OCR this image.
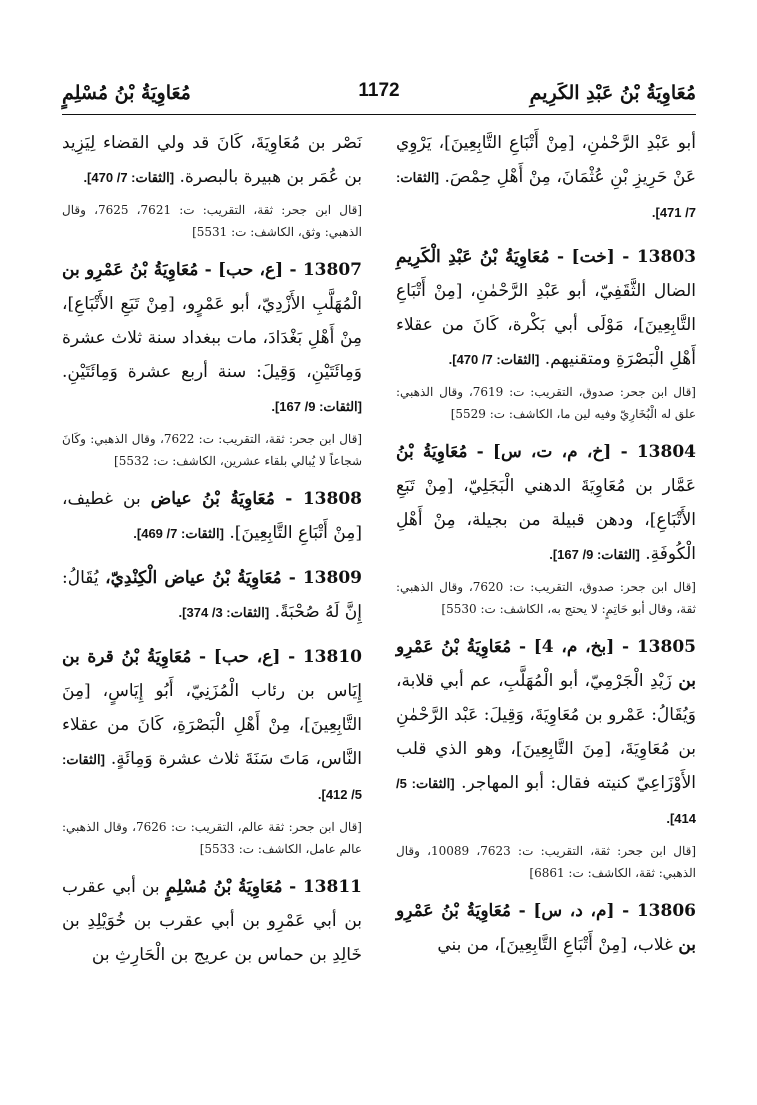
مُعَاوِيَةُ بْنُ عَبْدِ الكَرِيمِ
1172
مُعَاوِيَةُ بْنُ مُسْلِمٍ

أبو عَبْدِ الرَّحْمٰنِ، [مِنْ أَتْبَاعِ التَّابِعِينَ]، يَرْوِي عَنْ حَرِيزِ بْنِ عُثْمَانَ، مِنْ أَهْلِ حِمْصَ. [الثقات: 7/ 471].

13803 - [خت] - مُعَاوِيَةُ بْنُ عَبْدِ الْكَرِيمِ الضال الثَّقَفِيّ، أبو عَبْدِ الرَّحْمٰنِ، [مِنْ أَتْبَاعِ التَّابِعِينَ]، مَوْلَى أبي بَكْرة، كَانَ من عقلاء أَهْلِ الْبَصْرَةِ ومتقنيهم. [الثقات: 7/ 470].

[قال ابن جحر: صدوق، التقريب: ت: 7619، وقال الذهبي: علق له الْبُخَارِيّ وفيه لين ما، الكاشف: ت: 5529]

13804 - [خ، م، ت، س] - مُعَاوِيَةُ بْنُ عَمَّار بن مُعَاوِيَةَ الدهني الْبَجَلِيّ، [مِنْ تَبَعِ الأَتْبَاعِ]، ودهن قبيلة من بجيلة، مِنْ أَهْلِ الْكُوفَةِ. [الثقات: 9/ 167].

[قال ابن جحر: صدوق، التقريب: ت: 7620، وقال الذهبي: ثقة، وقال أبو حَاتِمٍ: لا يحتج به، الكاشف: ت: 5530]

13805 - [بخ، م، 4] - مُعَاوِيَةُ بْنُ عَمْرِو بن زَيْدِ الْجَرْمِيّ، أبو الْمُهَلَّبِ، عم أبي قلابة، وَيُقَالُ: عَمْرو بن مُعَاوِيَةَ، وَقِيلَ: عَبْد الرَّحْمٰنِ بن مُعَاوِيَةَ، [مِنَ التَّابِعِينَ]، وهو الذي قلب الأَوْزَاعِيّ كنيته فقال: أبو المهاجر. [الثقات: 5/ 414].

[قال ابن جحر: ثقة، التقريب: ت: 7623، 10089، وقال الذهبي: ثقة، الكاشف: ت: 6861]

13806 - [م، د، س] - مُعَاوِيَةُ بْنُ عَمْرِو بن غلاب، [مِنْ أَتْبَاعِ التَّابِعِينَ]، من بني

نَصْر بن مُعَاوِيَةَ، كَانَ قد ولي القضاء لِيَزِيد بن عُمَر بن هبيرة بالبصرة. [الثقات: 7/ 470].

[قال ابن جحر: ثقة، التقريب: ت: 7621، 7625، وقال الذهبي: وثق، الكاشف: ت: 5531]

13807 - [ع، حب] - مُعَاوِيَةُ بْنُ عَمْرِو بن الْمُهَلَّبِ الأَزْدِيّ، أبو عَمْرٍو، [مِنْ تَبَعِ الأَتْبَاعِ]، مِنْ أَهْلِ بَغْدَادَ، مات ببغداد سنة ثلاث عشرة وَمِائَتَيْنِ، وَقِيلَ: سنة أربع عشرة وَمِائَتَيْنِ. [الثقات: 9/ 167].

[قال ابن جحر: ثقة، التقريب: ت: 7622، وقال الذهبي: وكَانَ شجاعاً لا يُبالي بلقاء عشرين، الكاشف: ت: 5532]

13808 - مُعَاوِيَةُ بْنُ عياض بن غطيف، [مِنْ أَتْبَاعِ التَّابِعِينَ]. [الثقات: 7/ 469].

13809 - مُعَاوِيَةُ بْنُ عياض الْكِنْدِيّ، يُقَالُ: إِنَّ لَهُ صُحْبَةً. [الثقات: 3/ 374].

13810 - [ع، حب] - مُعَاوِيَةُ بْنُ قرة بن إِيَاس بن رئاب الْمُزَنِيّ، أَبُو إِيَاسٍ، [مِنَ التَّابِعِينَ]، مِنْ أَهْلِ الْبَصْرَةِ، كَانَ من عقلاء النَّاس، مَاتَ سَنَةَ ثلاث عشرة وَمِائَةٍ. [الثقات: 5/ 412].

[قال ابن جحر: ثقة عالم، التقريب: ت: 7626، وقال الذهبي: عالم عامل، الكاشف: ت: 5533]

13811 - مُعَاوِيَةُ بْنُ مُسْلِمٍ بن أبي عقرب بن أبي عَمْرِو بن أبي عقرب بن خُوَيْلِدِ بن خَالِدِ بن حماس بن عريج بن الْحَارِثِ بن
